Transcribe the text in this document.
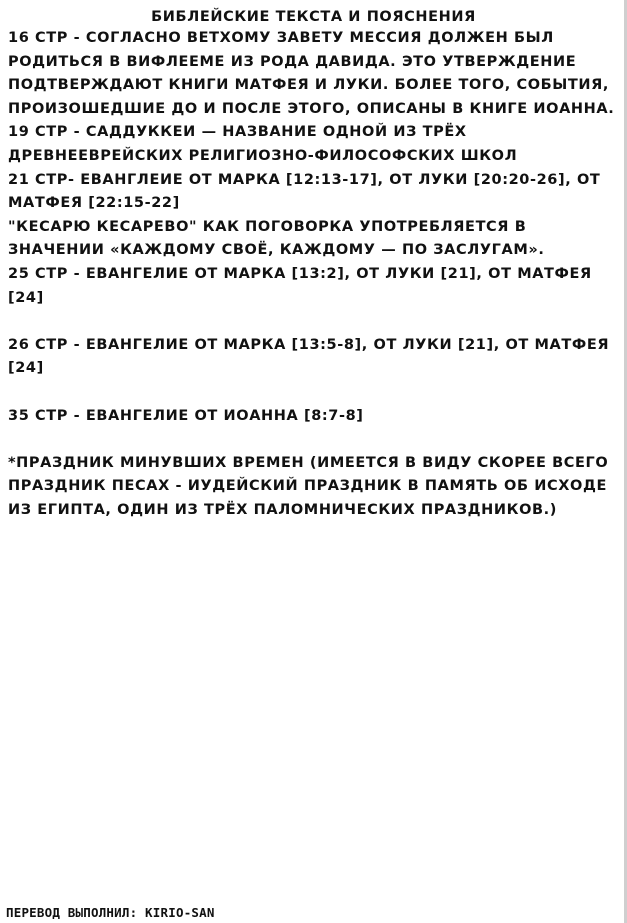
БИБЛЕЙСКИЕ ТЕКСТА И ПОЯСНЕНИЯ

16 СТР - СОГЛАСНО ВЕТХОМУ ЗАВЕТУ МЕССИЯ ДОЛЖЕН БЫЛ РОДИТЬСЯ В ВИФЛЕЕМЕ ИЗ РОДА ДАВИДА. ЭТО УТВЕРЖДЕНИЕ ПОДТВЕРЖДАЮТ КНИГИ МАТФЕЯ И ЛУКИ. БОЛЕЕ ТОГО, СОБЫТИЯ, ПРОИЗОШЕДШИЕ ДО И ПОСЛЕ ЭТОГО, ОПИСАНЫ В КНИГЕ ИОАННА.

19 СТР - САДДУККЕИ — НАЗВАНИЕ ОДНОЙ ИЗ ТРЁХ ДРЕВНЕЕВРЕЙСКИХ РЕЛИГИОЗНО-ФИЛОСОФСКИХ ШКОЛ

21 СТР- ЕВАНГЛЕИЕ ОТ МАРКА [12:13-17], ОТ ЛУКИ [20:20-26], ОТ МАТФЕЯ [22:15-22]

"КЕСАРЮ КЕСАРЕВО" КАК ПОГОВОРКА УПОТРЕБЛЯЕТСЯ В ЗНАЧЕНИИ «КАЖДОМУ СВОЁ, КАЖДОМУ — ПО ЗАСЛУГАМ».

25 СТР - ЕВАНГЕЛИЕ ОТ МАРКА [13:2], ОТ ЛУКИ [21], ОТ МАТФЕЯ [24]

26 СТР - ЕВАНГЕЛИЕ ОТ МАРКА [13:5-8], ОТ ЛУКИ [21], ОТ МАТФЕЯ [24]

35 СТР - ЕВАНГЕЛИЕ ОТ ИОАННА [8:7-8]

*ПРАЗДНИК МИНУВШИХ ВРЕМЕН (ИМЕЕТСЯ В ВИДУ СКОРЕЕ ВСЕГО ПРАЗДНИК ПЕСАХ - ИУДЕЙСКИЙ ПРАЗДНИК В ПАМЯТЬ ОБ ИСХОДЕ ИЗ ЕГИПТА, ОДИН ИЗ ТРЁХ ПАЛОМНИЧЕСКИХ ПРАЗДНИКОВ.)

ПЕРЕВОД ВЫПОЛНИЛ: KIRIO-SAN
